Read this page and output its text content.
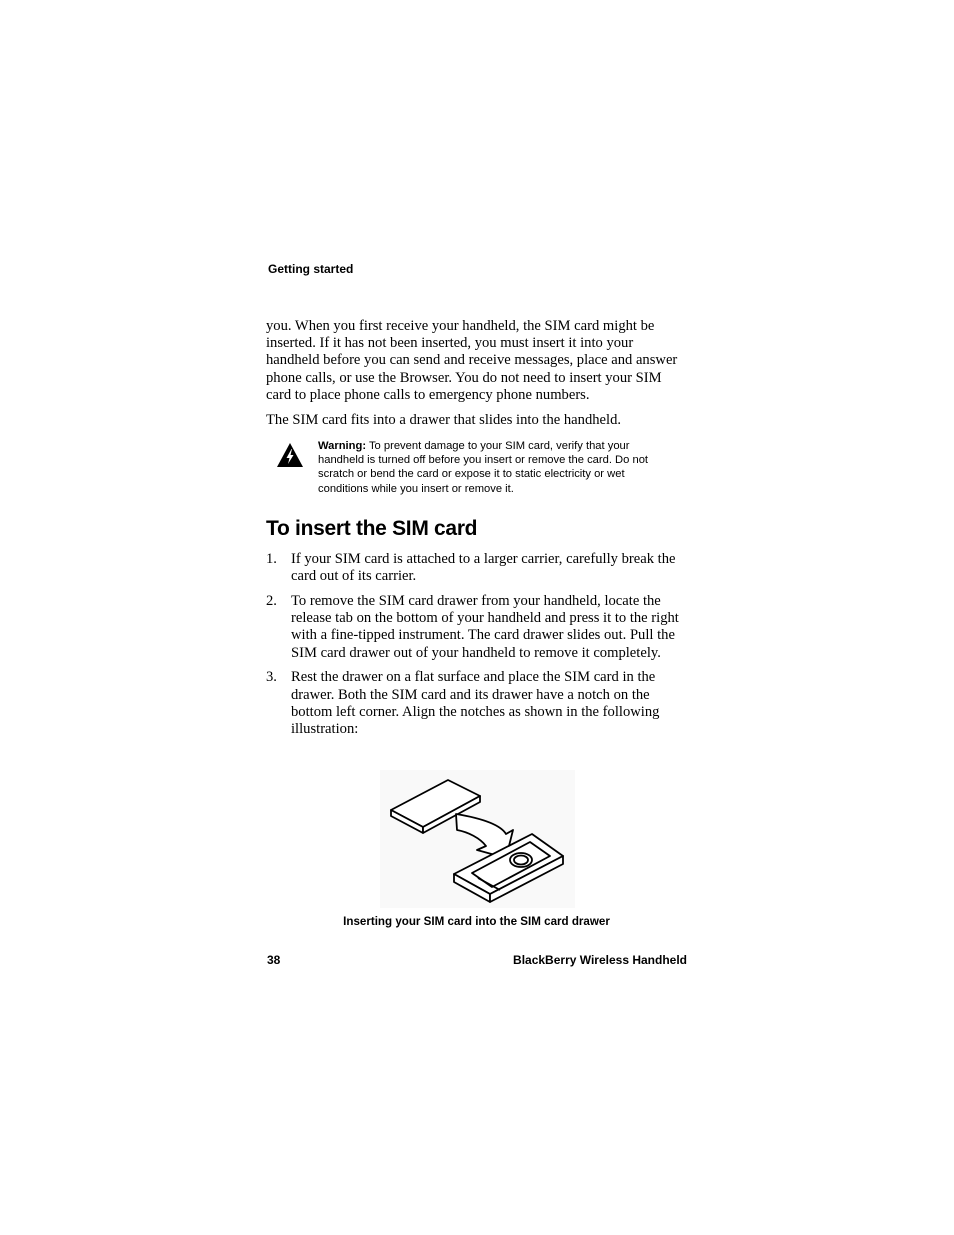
Getting started

you. When you first receive your handheld, the SIM card might be inserted. If it has not been inserted, you must insert it into your handheld before you can send and receive messages, place and answer phone calls, or use the Browser. You do not need to insert your SIM card to place phone calls to emergency phone numbers.

The SIM card fits into a drawer that slides into the handheld.

Warning: To prevent damage to your SIM card, verify that your handheld is turned off before you insert or remove the card. Do not scratch or bend the card or expose it to static electricity or wet conditions while you insert or remove it.
To insert the SIM card
1. If your SIM card is attached to a larger carrier, carefully break the card out of its carrier.
2. To remove the SIM card drawer from your handheld, locate the release tab on the bottom of your handheld and press it to the right with a fine-tipped instrument. The card drawer slides out. Pull the SIM card drawer out of your handheld to remove it completely.
3. Rest the drawer on a flat surface and place the SIM card in the drawer. Both the SIM card and its drawer have a notch on the bottom left corner. Align the notches as shown in the following illustration:
Inserting your SIM card into the SIM card drawer
38	BlackBerry Wireless Handheld
